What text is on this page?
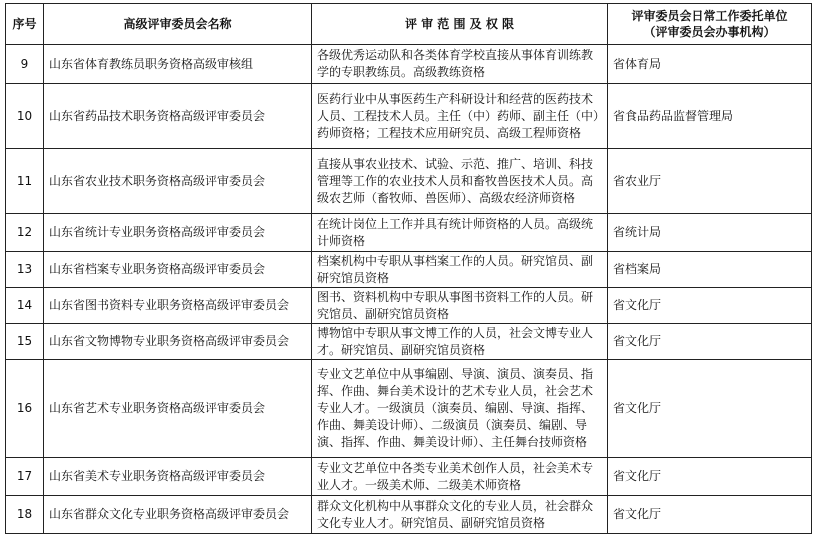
序号	高级评审委员会名称	评 审 范 围 及 权 限	评审委员会日常工作委托单位
（评审委员会办事机构）

9	山东省体育教练员职务资格高级审核组	各级优秀运动队和各类体育学校直接从事体育训练教学的专职教练员。高级教练资格	省体育局
10	山东省药品技术职务资格高级评审委员会	医药行业中从事医药生产科研设计和经营的医药技术人员、工程技术人员。主任（中）药师、副主任（中）药师资格；工程技术应用研究员、高级工程师资格	省食品药品监督管理局
11	山东省农业技术职务资格高级评审委员会	直接从事农业技术、试验、示范、推广、培训、科技管理等工作的农业技术人员和畜牧兽医技术人员。高级农艺师（畜牧师、兽医师）、高级农经济师资格	省农业厅
12	山东省统计专业职务资格高级评审委员会	在统计岗位上工作并具有统计师资格的人员。高级统计师资格	省统计局
13	山东省档案专业职务资格高级评审委员会	档案机构中专职从事档案工作的人员。研究馆员、副研究馆员资格	省档案局
14	山东省图书资料专业职务资格高级评审委员会	图书、资料机构中专职从事图书资料工作的人员。研究馆员、副研究馆员资格	省文化厅
15	山东省文物博物专业职务资格高级评审委员会	博物馆中专职从事文博工作的人员，社会文博专业人才。研究馆员、副研究馆员资格	省文化厅
16	山东省艺术专业职务资格高级评审委员会	专业文艺单位中从事编剧、导演、演员、演奏员、指挥、作曲、舞台美术设计的艺术专业人员，社会艺术专业人才。一级演员（演奏员、编剧、导演、指挥、作曲、舞美设计师）、二级演员（演奏员、编剧、导演、指挥、作曲、舞美设计师）、主任舞台技师资格	省文化厅
17	山东省美术专业职务资格高级评审委员会	专业文艺单位中各类专业美术创作人员，社会美术专业人才。一级美术师、二级美术师资格	省文化厅
18	山东省群众文化专业职务资格高级评审委员会	群众文化机构中从事群众文化的专业人员，社会群众文化专业人才。研究馆员、副研究馆员资格	省文化厅
